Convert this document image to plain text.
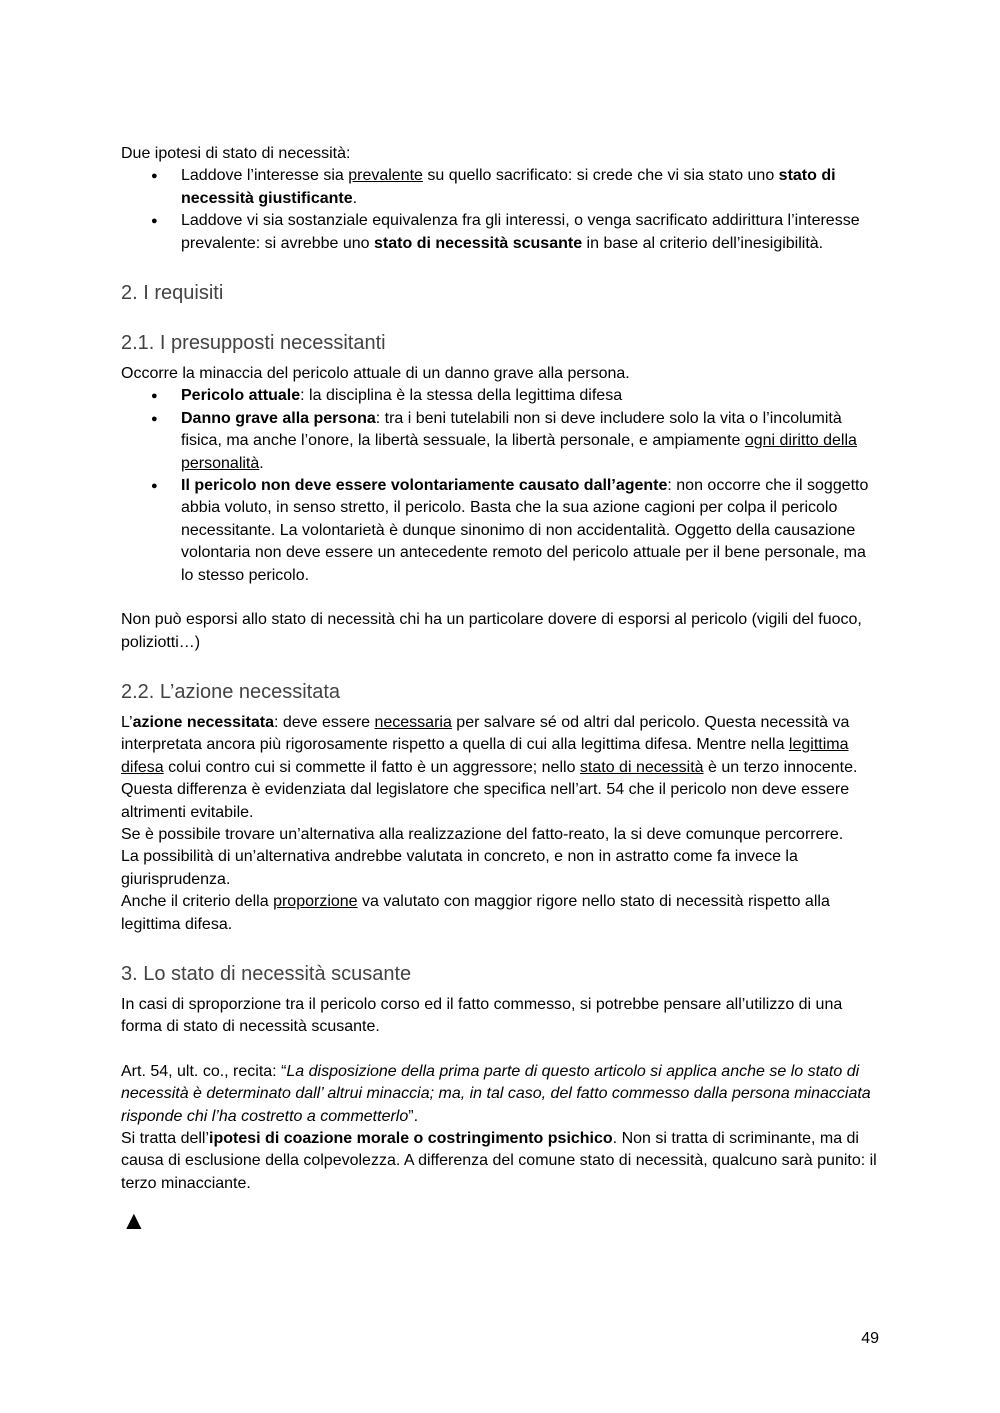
Due ipotesi di stato di necessità:

● Laddove l’interesse sia prevalente su quello sacrificato: si crede che vi sia stato uno stato di necessità giustificante.
● Laddove vi sia sostanziale equivalenza fra gli interessi, o venga sacrificato addirittura l’interesse prevalente: si avrebbe uno stato di necessità scusante in base al criterio dell’inesigibilità.
2. I requisiti
2.1. I presupposti necessitanti

Occorre la minaccia del pericolo attuale di un danno grave alla persona.

● Pericolo attuale: la disciplina è la stessa della legittima difesa
● Danno grave alla persona: tra i beni tutelabili non si deve includere solo la vita o l’incolumità fisica, ma anche l’onore, la libertà sessuale, la libertà personale, e ampiamente ogni diritto della personalità.
● Il pericolo non deve essere volontariamente causato dall’agente: non occorre che il soggetto abbia voluto, in senso stretto, il pericolo. Basta che la sua azione cagioni per colpa il pericolo necessitante. La volontarietà è dunque sinonimo di non accidentalità. Oggetto della causazione volontaria non deve essere un antecedente remoto del pericolo attuale per il bene personale, ma lo stesso pericolo.

Non può esporsi allo stato di necessità chi ha un particolare dovere di esporsi al pericolo (vigili del fuoco, poliziotti…)

2.2. L’azione necessitata

L’azione necessitata: deve essere necessaria per salvare sé od altri dal pericolo. Questa necessità va interpretata ancora più rigorosamente rispetto a quella di cui alla legittima difesa. Mentre nella legittima difesa colui contro cui si commette il fatto è un aggressore; nello stato di necessità è un terzo innocente. Questa differenza è evidenziata dal legislatore che specifica nell’art. 54 che il pericolo non deve essere altrimenti evitabile.

Se è possibile trovare un’alternativa alla realizzazione del fatto-reato, la si deve comunque percorrere.

La possibilità di un’alternativa andrebbe valutata in concreto, e non in astratto come fa invece la giurisprudenza.

Anche il criterio della proporzione va valutato con maggior rigore nello stato di necessità rispetto alla legittima difesa.

3. Lo stato di necessità scusante

In casi di sproporzione tra il pericolo corso ed il fatto commesso, si potrebbe pensare all’utilizzo di una forma di stato di necessità scusante.

Art. 54, ult. co., recita: “La disposizione della prima parte di questo articolo si applica anche se lo stato di necessità è determinato dall’ altrui minaccia; ma, in tal caso, del fatto commesso dalla persona minacciata risponde chi l’ha costretto a commetterlo”.

Si tratta dell’ipotesi di coazione morale o costringimento psichico. Non si tratta di scriminante, ma di causa di esclusione della colpevolezza. A differenza del comune stato di necessità, qualcuno sarà punito: il terzo minacciante.

▲
49
